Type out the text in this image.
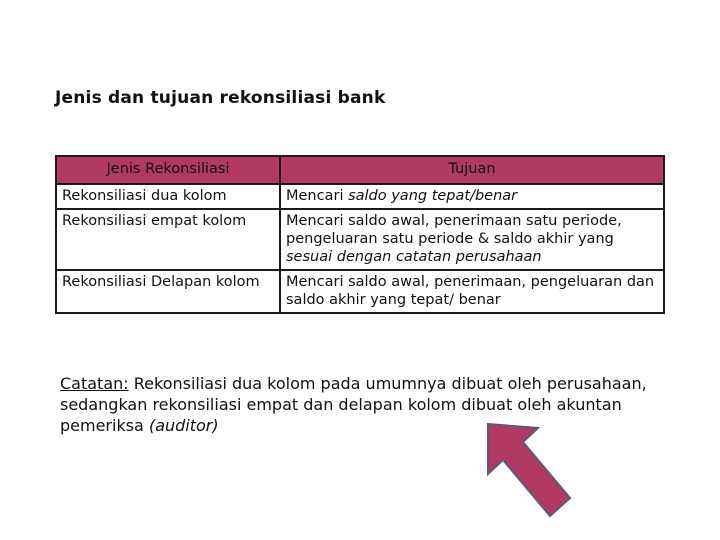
Jenis dan tujuan rekonsiliasi bank
Jenis Rekonsiliasi	Tujuan
Rekonsiliasi dua kolom	Mencari saldo yang tepat/benar
Rekonsiliasi empat kolom	Mencari saldo awal, penerimaan satu periode, pengeluaran satu periode & saldo akhir yang sesuai dengan catatan perusahaan
Rekonsiliasi Delapan kolom	Mencari saldo awal, penerimaan, pengeluaran dan saldo akhir yang tepat/ benar
Catatan: Rekonsiliasi dua kolom pada umumnya dibuat oleh perusahaan, sedangkan rekonsiliasi empat dan delapan kolom dibuat oleh akuntan pemeriksa (auditor)
